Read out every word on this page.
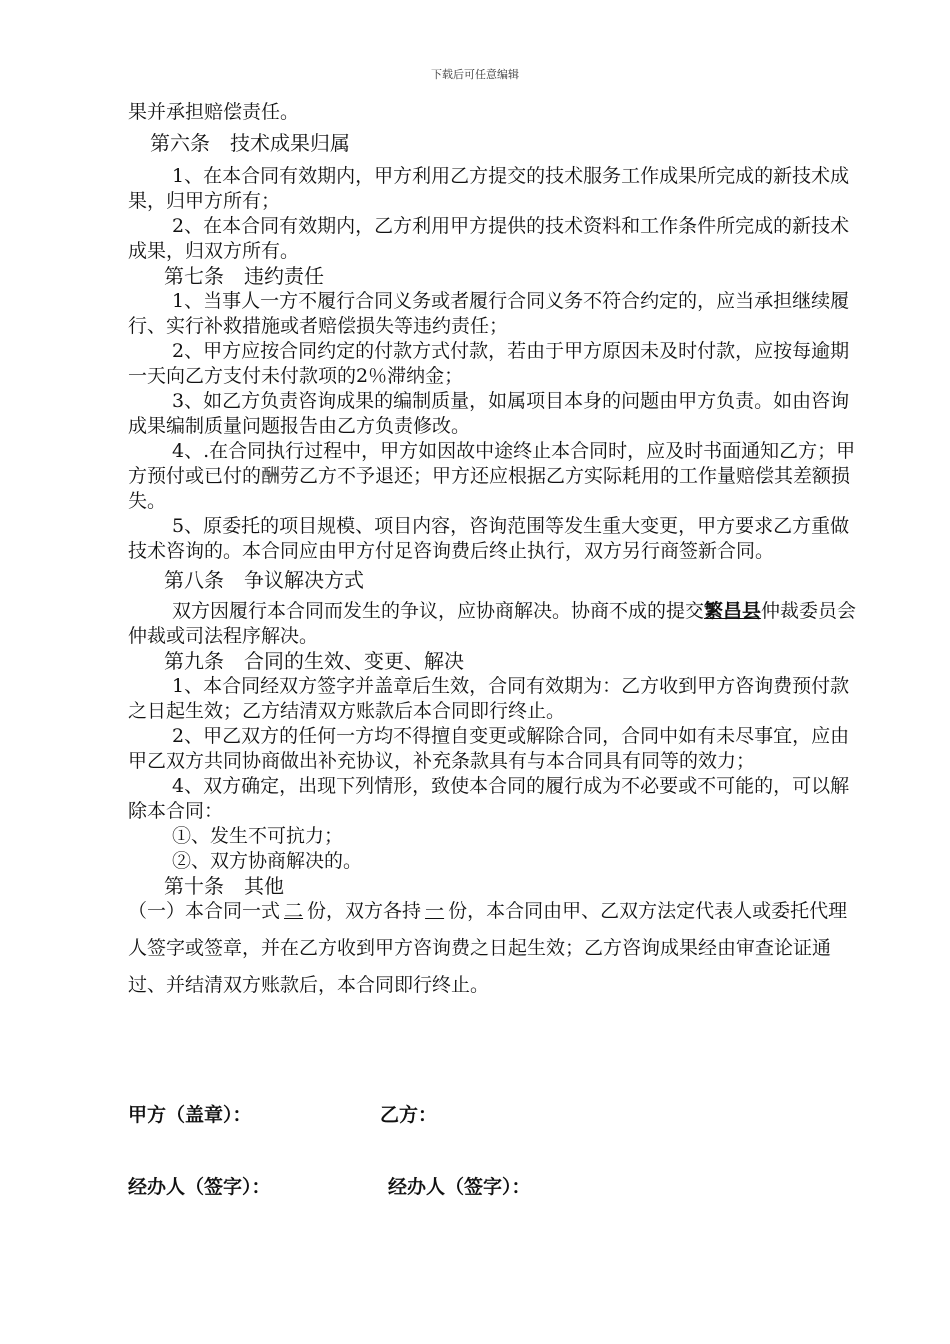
下载后可任意编辑

果并承担赔偿责任。

第六条　技术成果归属

1、在本合同有效期内，甲方利用乙方提交的技术服务工作成果所完成的新技术成果，归甲方所有；

2、在本合同有效期内，乙方利用甲方提供的技术资料和工作条件所完成的新技术成果，归双方所有。

第七条　违约责任

1、当事人一方不履行合同义务或者履行合同义务不符合约定的，应当承担继续履行、实行补救措施或者赔偿损失等违约责任；

2、甲方应按合同约定的付款方式付款，若由于甲方原因未及时付款，应按每逾期一天向乙方支付未付款项的2％滞纳金；

3、如乙方负责咨询成果的编制质量，如属项目本身的问题由甲方负责。如由咨询成果编制质量问题报告由乙方负责修改。

4、.在合同执行过程中，甲方如因故中途终止本合同时，应及时书面通知乙方；甲方预付或已付的酬劳乙方不予退还；甲方还应根据乙方实际耗用的工作量赔偿其差额损失。

5、原委托的项目规模、项目内容，咨询范围等发生重大变更，甲方要求乙方重做技术咨询的。本合同应由甲方付足咨询费后终止执行，双方另行商签新合同。

第八条　争议解决方式

双方因履行本合同而发生的争议，应协商解决。协商不成的提交繁昌县仲裁委员会仲裁或司法程序解决。

第九条　合同的生效、变更、解决

1、本合同经双方签字并盖章后生效，合同有效期为：乙方收到甲方咨询费预付款之日起生效；乙方结清双方账款后本合同即行终止。

2、甲乙双方的任何一方均不得擅自变更或解除合同，合同中如有未尽事宜，应由甲乙双方共同协商做出补充协议，补充条款具有与本合同具有同等的效力；

4、双方确定，出现下列情形，致使本合同的履行成为不必要或不可能的，可以解除本合同：

①、发生不可抗力；

②、双方协商解决的。

第十条　其他

（一）本合同一式 二 份，双方各持 一 份，本合同由甲、乙双方法定代表人或委托代理人签字或签章，并在乙方收到甲方咨询费之日起生效；乙方咨询成果经由审查论证通过、并结清双方账款后，本合同即行终止。

甲方（盖章）：	乙方：
经办人（签字）：	经办人（签字）：
